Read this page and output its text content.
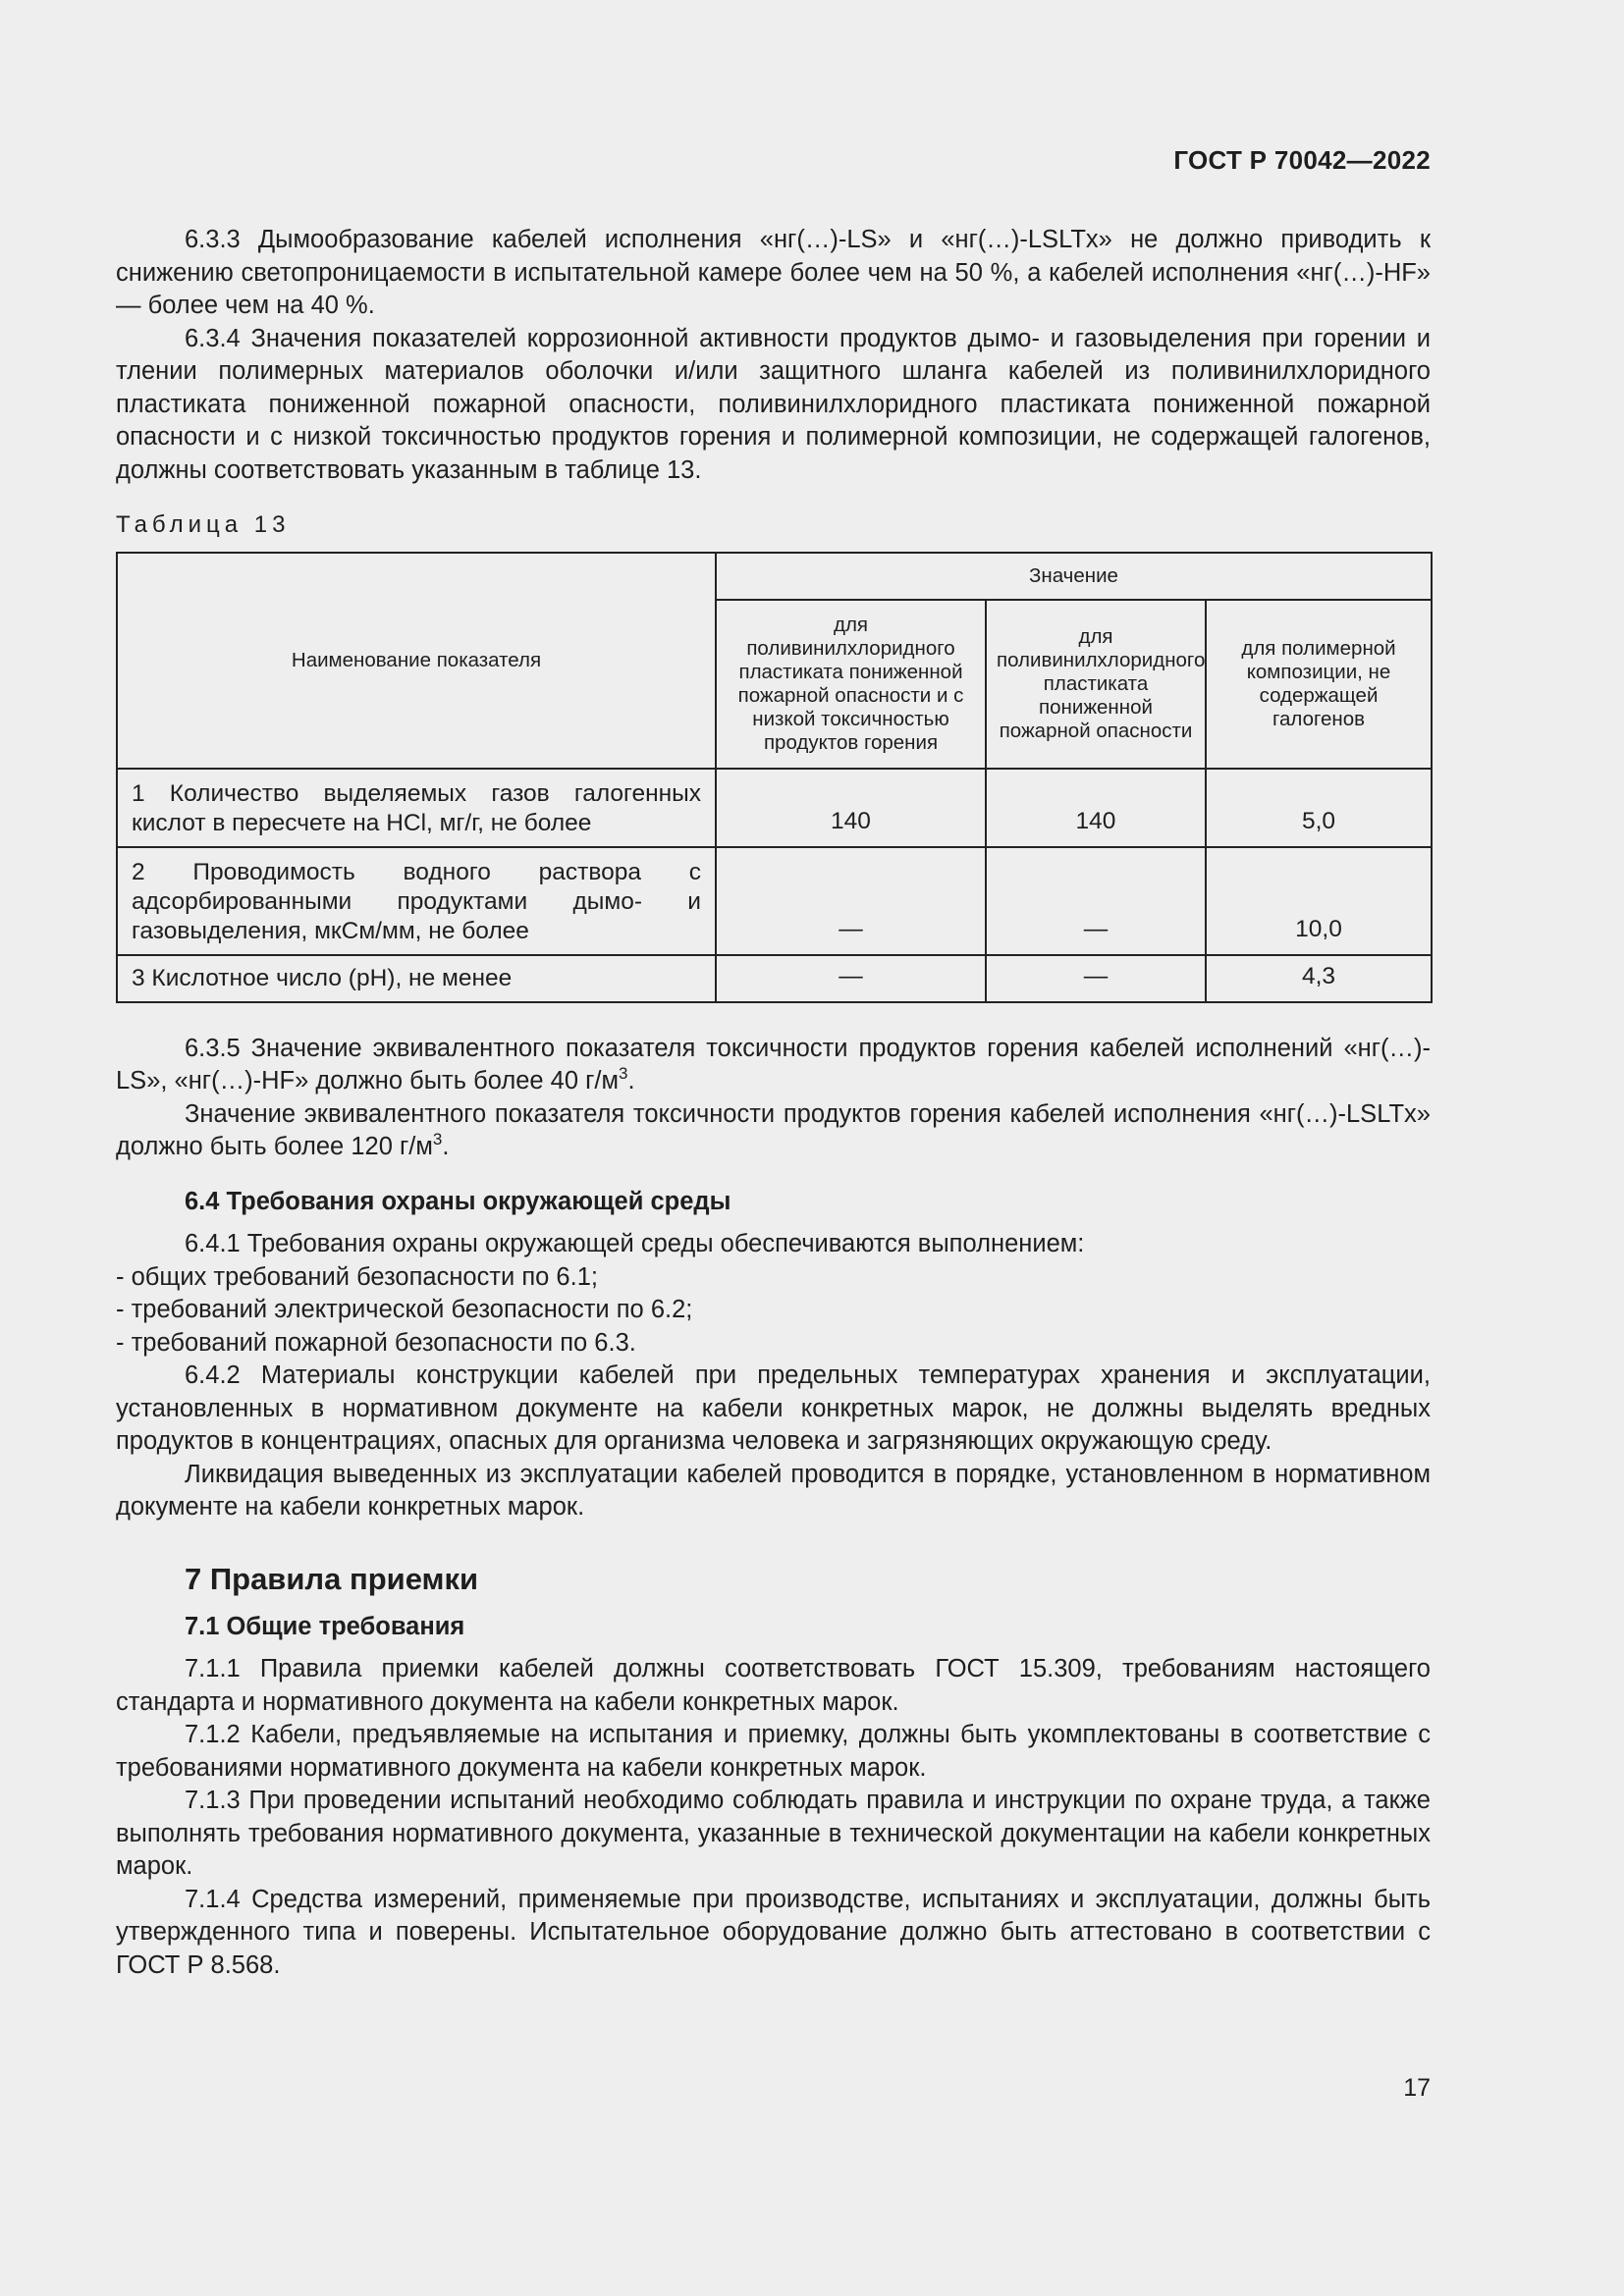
ГОСТ Р 70042—2022

6.3.3 Дымообразование кабелей исполнения «нг(…)-LS» и «нг(…)-LSLTx» не должно приводить к снижению светопроницаемости в испытательной камере более чем на 50 %, а кабелей исполнения «нг(…)-HF» — более чем на 40 %.

6.3.4 Значения показателей коррозионной активности продуктов дымо- и газовыделения при горении и тлении полимерных материалов оболочки и/или защитного шланга кабелей из поливинилхлоридного пластиката пониженной пожарной опасности, поливинилхлоридного пластиката пониженной пожарной опасности и с низкой токсичностью продуктов горения и полимерной композиции, не содержащей галогенов, должны соответствовать указанным в таблице 13.

Таблица 13
Наименование показателя	Значение		
	для поливинилхлоридного пластиката пониженной пожарной опасности и с низкой токсичностью продуктов горения	для поливинилхлоридного пластиката пониженной пожарной опасности	для полимерной композиции, не содержащей галогенов
1 Количество выделяемых газов галогенных кислот в пересчете на HCl, мг/г, не более	140	140	5,0
2 Проводимость водного раствора с адсорбированными продуктами дымо- и газовыделения, мкСм/мм, не более	—	—	10,0
3 Кислотное число (pH), не менее	—	—	4,3

6.3.5 Значение эквивалентного показателя токсичности продуктов горения кабелей исполнений «нг(…)-LS», «нг(…)-HF» должно быть более 40 $г/м^3$.

Значение эквивалентного показателя токсичности продуктов горения кабелей исполнения «нг(…)-LSLTx» должно быть более 120 $г/м^3$.

6.4 Требования охраны окружающей среды

6.4.1 Требования охраны окружающей среды обеспечиваются выполнением:

- общих требований безопасности по 6.1;

- требований электрической безопасности по 6.2;

- требований пожарной безопасности по 6.3.

6.4.2 Материалы конструкции кабелей при предельных температурах хранения и эксплуатации, установленных в нормативном документе на кабели конкретных марок, не должны выделять вредных продуктов в концентрациях, опасных для организма человека и загрязняющих окружающую среду.

Ликвидация выведенных из эксплуатации кабелей проводится в порядке, установленном в нормативном документе на кабели конкретных марок.

7 Правила приемки
7.1 Общие требования

7.1.1 Правила приемки кабелей должны соответствовать ГОСТ 15.309, требованиям настоящего стандарта и нормативного документа на кабели конкретных марок.

7.1.2 Кабели, предъявляемые на испытания и приемку, должны быть укомплектованы в соответствие с требованиями нормативного документа на кабели конкретных марок.

7.1.3 При проведении испытаний необходимо соблюдать правила и инструкции по охране труда, а также выполнять требования нормативного документа, указанные в технической документации на кабели конкретных марок.

7.1.4 Средства измерений, применяемые при производстве, испытаниях и эксплуатации, должны быть утвержденного типа и поверены. Испытательное оборудование должно быть аттестовано в соответствии с ГОСТ Р 8.568.

17
